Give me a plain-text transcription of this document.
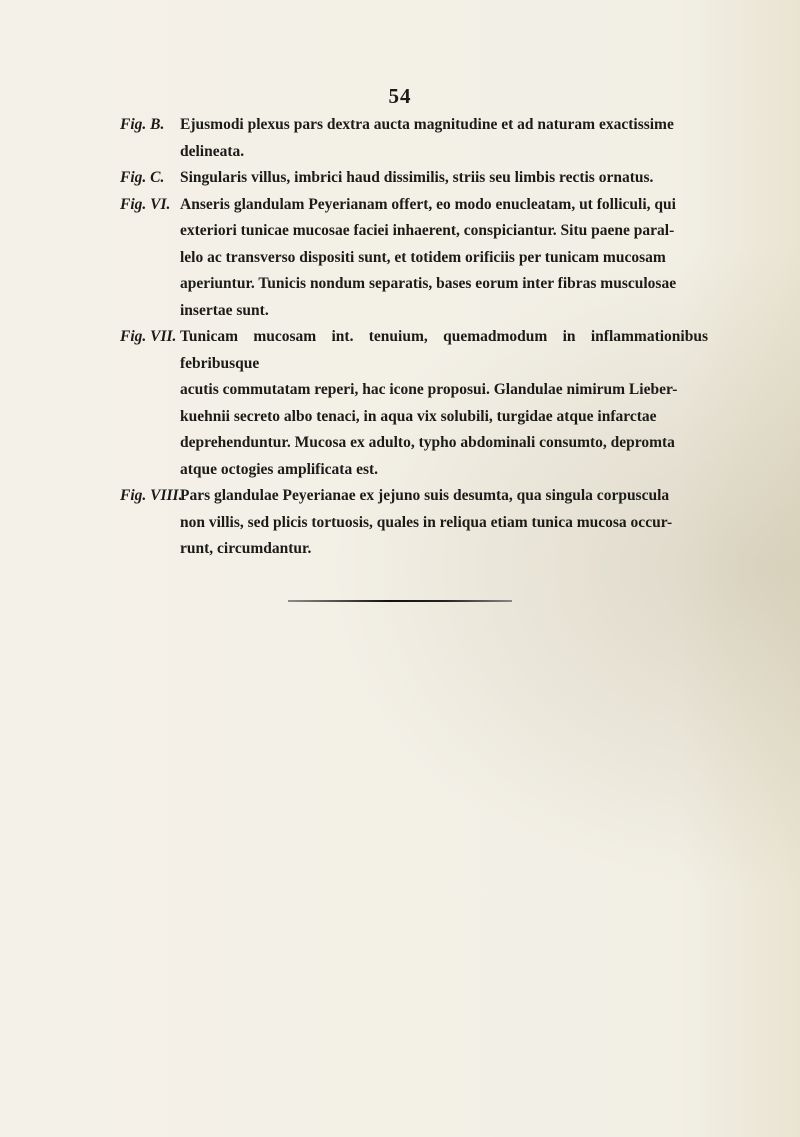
54
Fig. B. Ejusmodi plexus pars dextra aucta magnitudine et ad naturam exactissime
delineata.
Fig. C. Singularis villus, imbrici haud dissimilis, striis seu limbis rectis ornatus.
Fig. VI. Anseris glandulam Peyerianam offert, eo modo enucleatam, ut folliculi, qui
exteriori tunicae mucosae faciei inhaerent, conspiciantur. Situ paene paral-
lelo ac transverso dispositi sunt, et totidem orificiis per tunicam mucosam
aperiuntur. Tunicis nondum separatis, bases eorum inter fibras musculosae
insertae sunt.
Fig. VII. Tunicam mucosam int. tenuium, quemadmodum in inflammationibus febribusque
acutis commutatam reperi, hac icone proposui. Glandulae nimirum Lieber-
kuehnii secreto albo tenaci, in aqua vix solubili, turgidae atque infarctae
deprehenduntur. Mucosa ex adulto, typho abdominali consumto, depromta
atque octogies amplificata est.
Fig. VIII.
Pars glandulae Peyerianae ex jejuno suis desumta, qua singula corpuscula
non villis, sed plicis tortuosis, quales in reliqua etiam tunica mucosa occur-
runt, circumdantur.
